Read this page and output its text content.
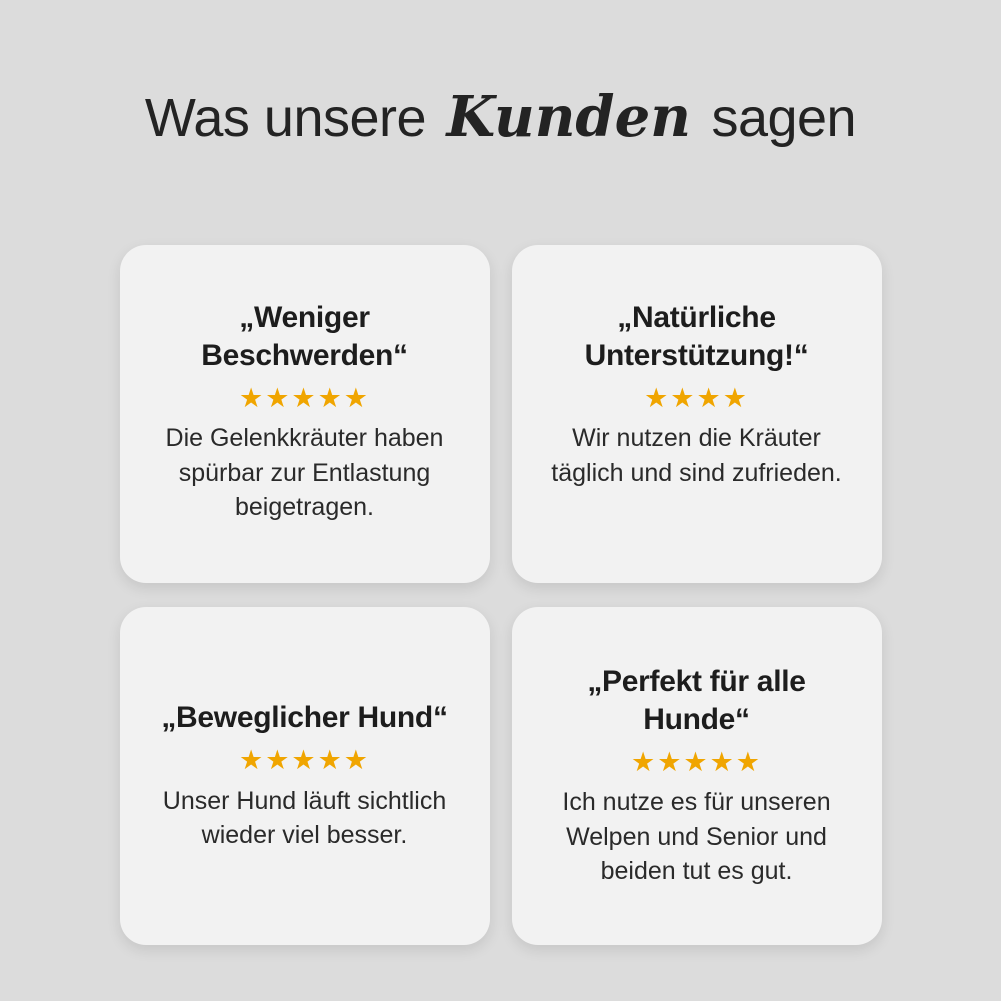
Was unsere Kunden sagen
„Weniger Beschwerden“
★★★★★
Die Gelenkkräuter haben spürbar zur Entlastung beigetragen.
„Natürliche Unterstützung!“
★★★★
Wir nutzen die Kräuter täglich und sind zufrieden.
„Beweglicher Hund“
★★★★★
Unser Hund läuft sichtlich wieder viel besser.
„Perfekt für alle Hunde“
★★★★★
Ich nutze es für unseren Welpen und Senior und beiden tut es gut.
